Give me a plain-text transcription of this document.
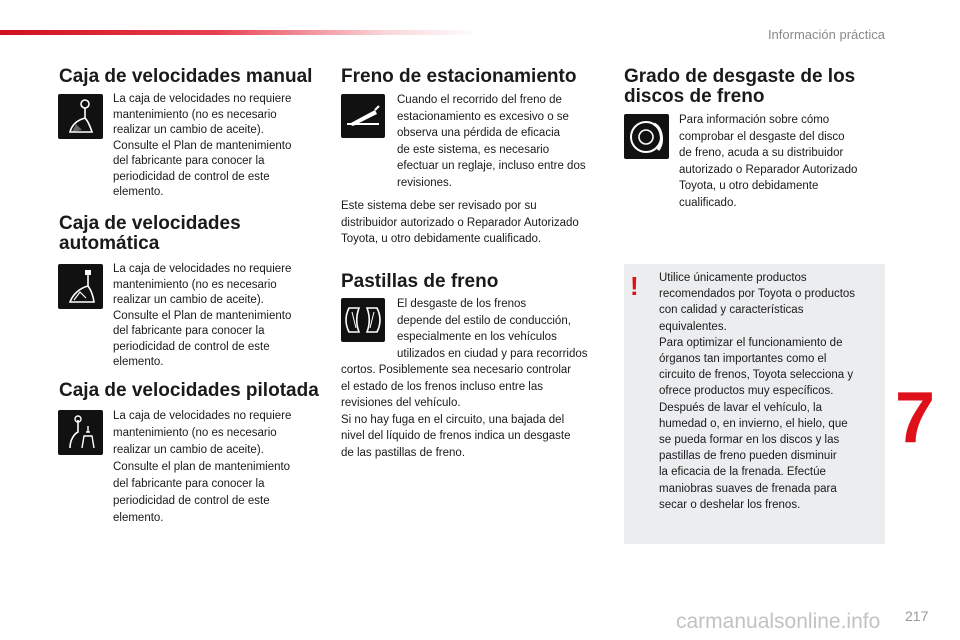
Información práctica
Caja de velocidades manual
La caja de velocidades no requiere
mantenimiento (no es necesario
realizar un cambio de aceite).
Consulte el Plan de mantenimiento
del fabricante para conocer la
periodicidad de control de este
elemento.
Caja de velocidades
automática
La caja de velocidades no requiere
mantenimiento (no es necesario
realizar un cambio de aceite).
Consulte el Plan de mantenimiento
del fabricante para conocer la
periodicidad de control de este
elemento.
Caja de velocidades pilotada
La caja de velocidades no requiere
mantenimiento (no es necesario
realizar un cambio de aceite).
Consulte el plan de mantenimiento
del fabricante para conocer la
periodicidad de control de este
elemento.
Freno de estacionamiento
Cuando el recorrido del freno de
estacionamiento es excesivo o se
observa una pérdida de eficacia
de este sistema, es necesario
efectuar un reglaje, incluso entre dos
revisiones.
Este sistema debe ser revisado por su
distribuidor autorizado o Reparador Autorizado
Toyota, u otro debidamente cualificado.
Pastillas de freno
El desgaste de los frenos
depende del estilo de conducción,
especialmente en los vehículos
utilizados en ciudad y para recorridos
cortos. Posiblemente sea necesario controlar
el estado de los frenos incluso entre las
revisiones del vehículo.
Si no hay fuga en el circuito, una bajada del
nivel del líquido de frenos indica un desgaste
de las pastillas de freno.
Grado de desgaste de los
discos de freno
Para información sobre cómo
comprobar el desgaste del disco
de freno, acuda a su distribuidor
autorizado o Reparador Autorizado
Toyota, u otro debidamente
cualificado.
! Utilice únicamente productos
recomendados por Toyota o productos
con calidad y características
equivalentes.
Para optimizar el funcionamiento de
órganos tan importantes como el
circuito de frenos, Toyota selecciona y
ofrece productos muy específicos.
Después de lavar el vehículo, la
humedad o, en invierno, el hielo, que
se pueda formar en los discos y las
pastillas de freno pueden disminuir
la eficacia de la frenada. Efectúe
maniobras suaves de frenada para
secar o deshelar los frenos.
7
carmanualsonline.info 217
